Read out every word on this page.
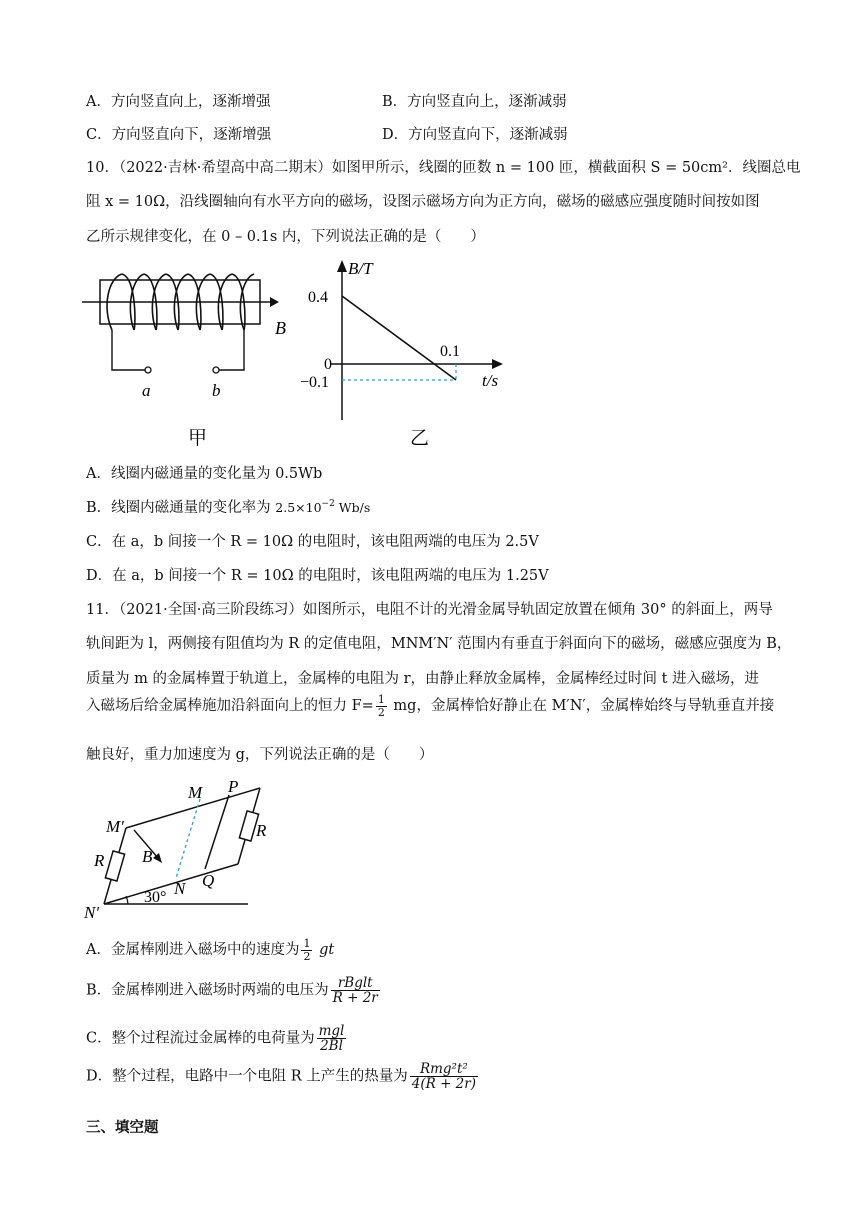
A．方向竖直向上，逐渐增强	B．方向竖直向上，逐渐减弱
C．方向竖直向下，逐渐增强	D．方向竖直向下，逐渐减弱
10．（2022·吉林·希望高中高二期末）如图甲所示，线圈的匝数 n = 100 匝，横截面积 S = 50cm²．线圈总电
阻 x = 10Ω，沿线圈轴向有水平方向的磁场，设图示磁场方向为正方向，磁场的磁感应强度随时间按如图
乙所示规律变化，在 0 – 0.1s 内，下列说法正确的是（　　）
B
a	b
甲
B/T
t/s
0.4
0
−0.1
0.1
乙
A．线圈内磁通量的变化量为 0.5Wb
B．线圈内磁通量的变化率为 $2.5\times 10^{-2}$ Wb/s
C．在 a，b 间接一个 R = 10Ω 的电阻时，该电阻两端的电压为 2.5V
D．在 a，b 间接一个 R = 10Ω 的电阻时，该电阻两端的电压为 1.25V
11．（2021·全国·高三阶段练习）如图所示，电阻不计的光滑金属导轨固定放置在倾角 30° 的斜面上，两导
轨间距为 l，两侧接有阻值均为 R 的定值电阻，MNM′N′ 范围内有垂直于斜面向下的磁场，磁感应强度为 B，
质量为 m 的金属棒置于轨道上，金属棒的电阻为 r，由静止释放金属棒，金属棒经过时间 t 进入磁场，进
入磁场后给金属棒施加沿斜面向上的恒力 $F= \frac{1}{2}$ mg，金属棒恰好静止在 M′N′，金属棒始终与导轨垂直并接
触良好，重力加速度为 g，下列说法正确的是（　　）
M P
M′	R
R B
N Q
N′
30°
A．金属棒刚进入磁场中的速度为 $\frac{1}{2}$ gt
B．金属棒刚进入磁场时两端的电压为 $\frac{\text{rBglt}}{R + 2r}$
C．整个过程流过金属棒的电荷量为 $\frac{\text{mgl}}{2Bl}$
D．整个过程，电路中一个电阻 R 上产生的热量为 $\frac{\text{Rmg²t²}}{4(R + 2r)}$
三、填空题
